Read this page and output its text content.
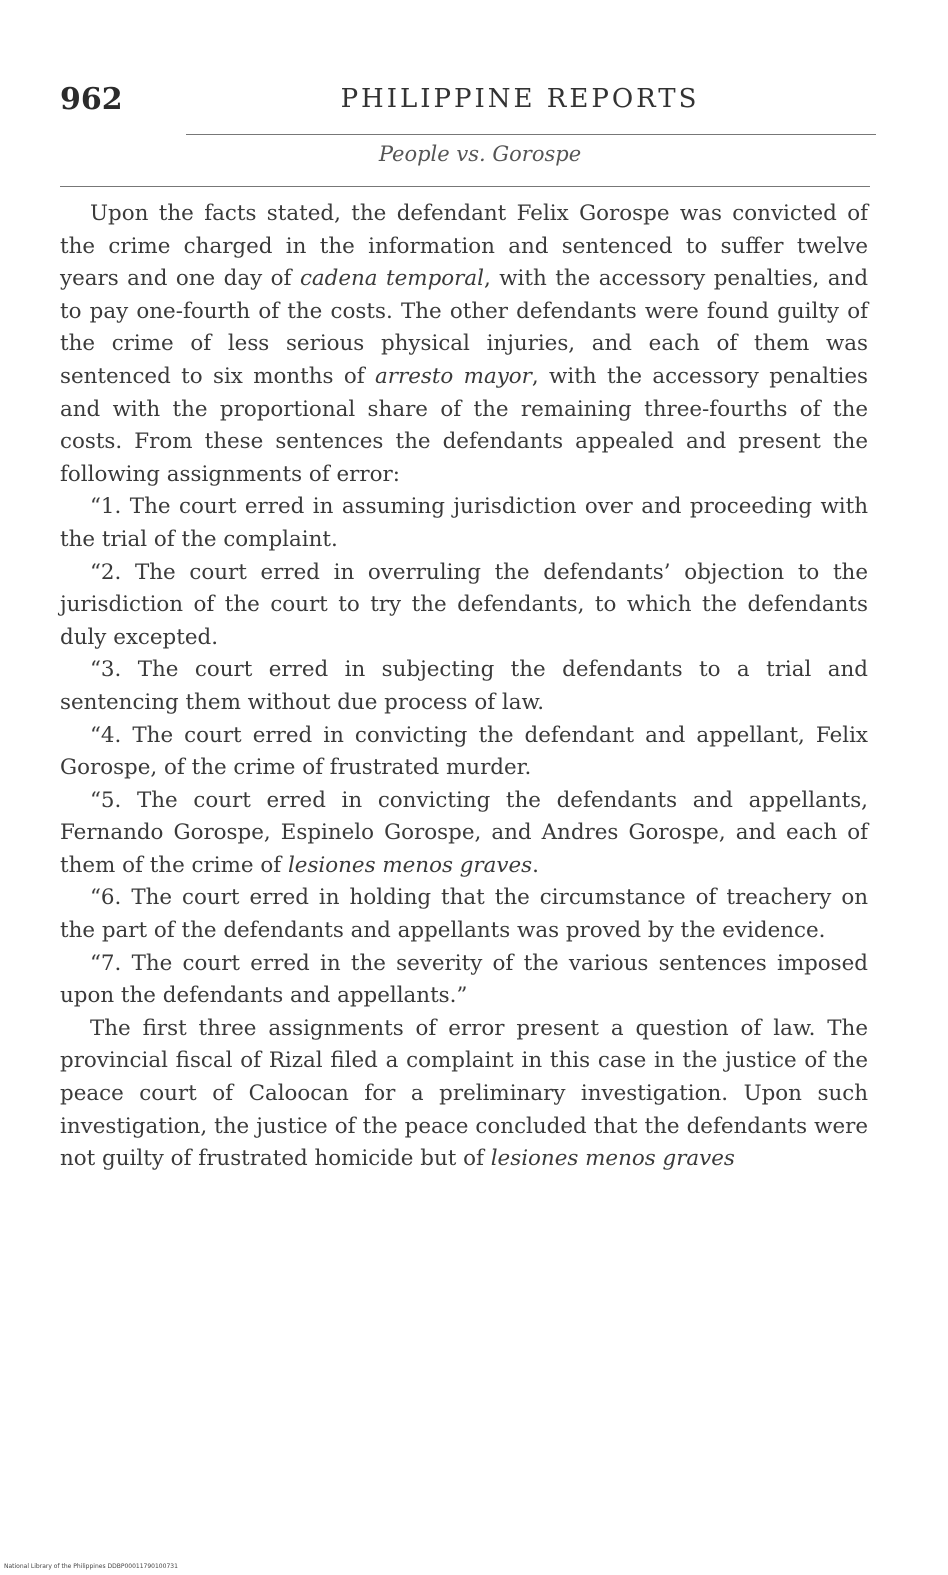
962	PHILIPPINE REPORTS
People vs. Gorospe

Upon the facts stated, the defendant Felix Gorospe was convicted of the crime charged in the information and sentenced to suffer twelve years and one day of cadena temporal, with the accessory penalties, and to pay one-fourth of the costs. The other defendants were found guilty of the crime of less serious physical injuries, and each of them was sentenced to six months of arresto mayor, with the accessory penalties and with the proportional share of the remaining three-fourths of the costs. From these sentences the defendants appealed and present the following assignments of error:

“1. The court erred in assuming jurisdiction over and proceeding with the trial of the complaint.

“2. The court erred in overruling the defendants’ objection to the jurisdiction of the court to try the defendants, to which the defendants duly excepted.

“3. The court erred in subjecting the defendants to a trial and sentencing them without due process of law.

“4. The court erred in convicting the defendant and appellant, Felix Gorospe, of the crime of frustrated murder.

“5. The court erred in convicting the defendants and appellants, Fernando Gorospe, Espinelo Gorospe, and Andres Gorospe, and each of them of the crime of lesiones menos graves.

“6. The court erred in holding that the circumstance of treachery on the part of the defendants and appellants was proved by the evidence.

“7. The court erred in the severity of the various sentences imposed upon the defendants and appellants.”

The first three assignments of error present a question of law. The provincial fiscal of Rizal filed a complaint in this case in the justice of the peace court of Caloocan for a preliminary investigation. Upon such investigation, the justice of the peace concluded that the defendants were not guilty of frustrated homicide but of lesiones menos graves

National Library of the Philippines DDBP00011790100731
